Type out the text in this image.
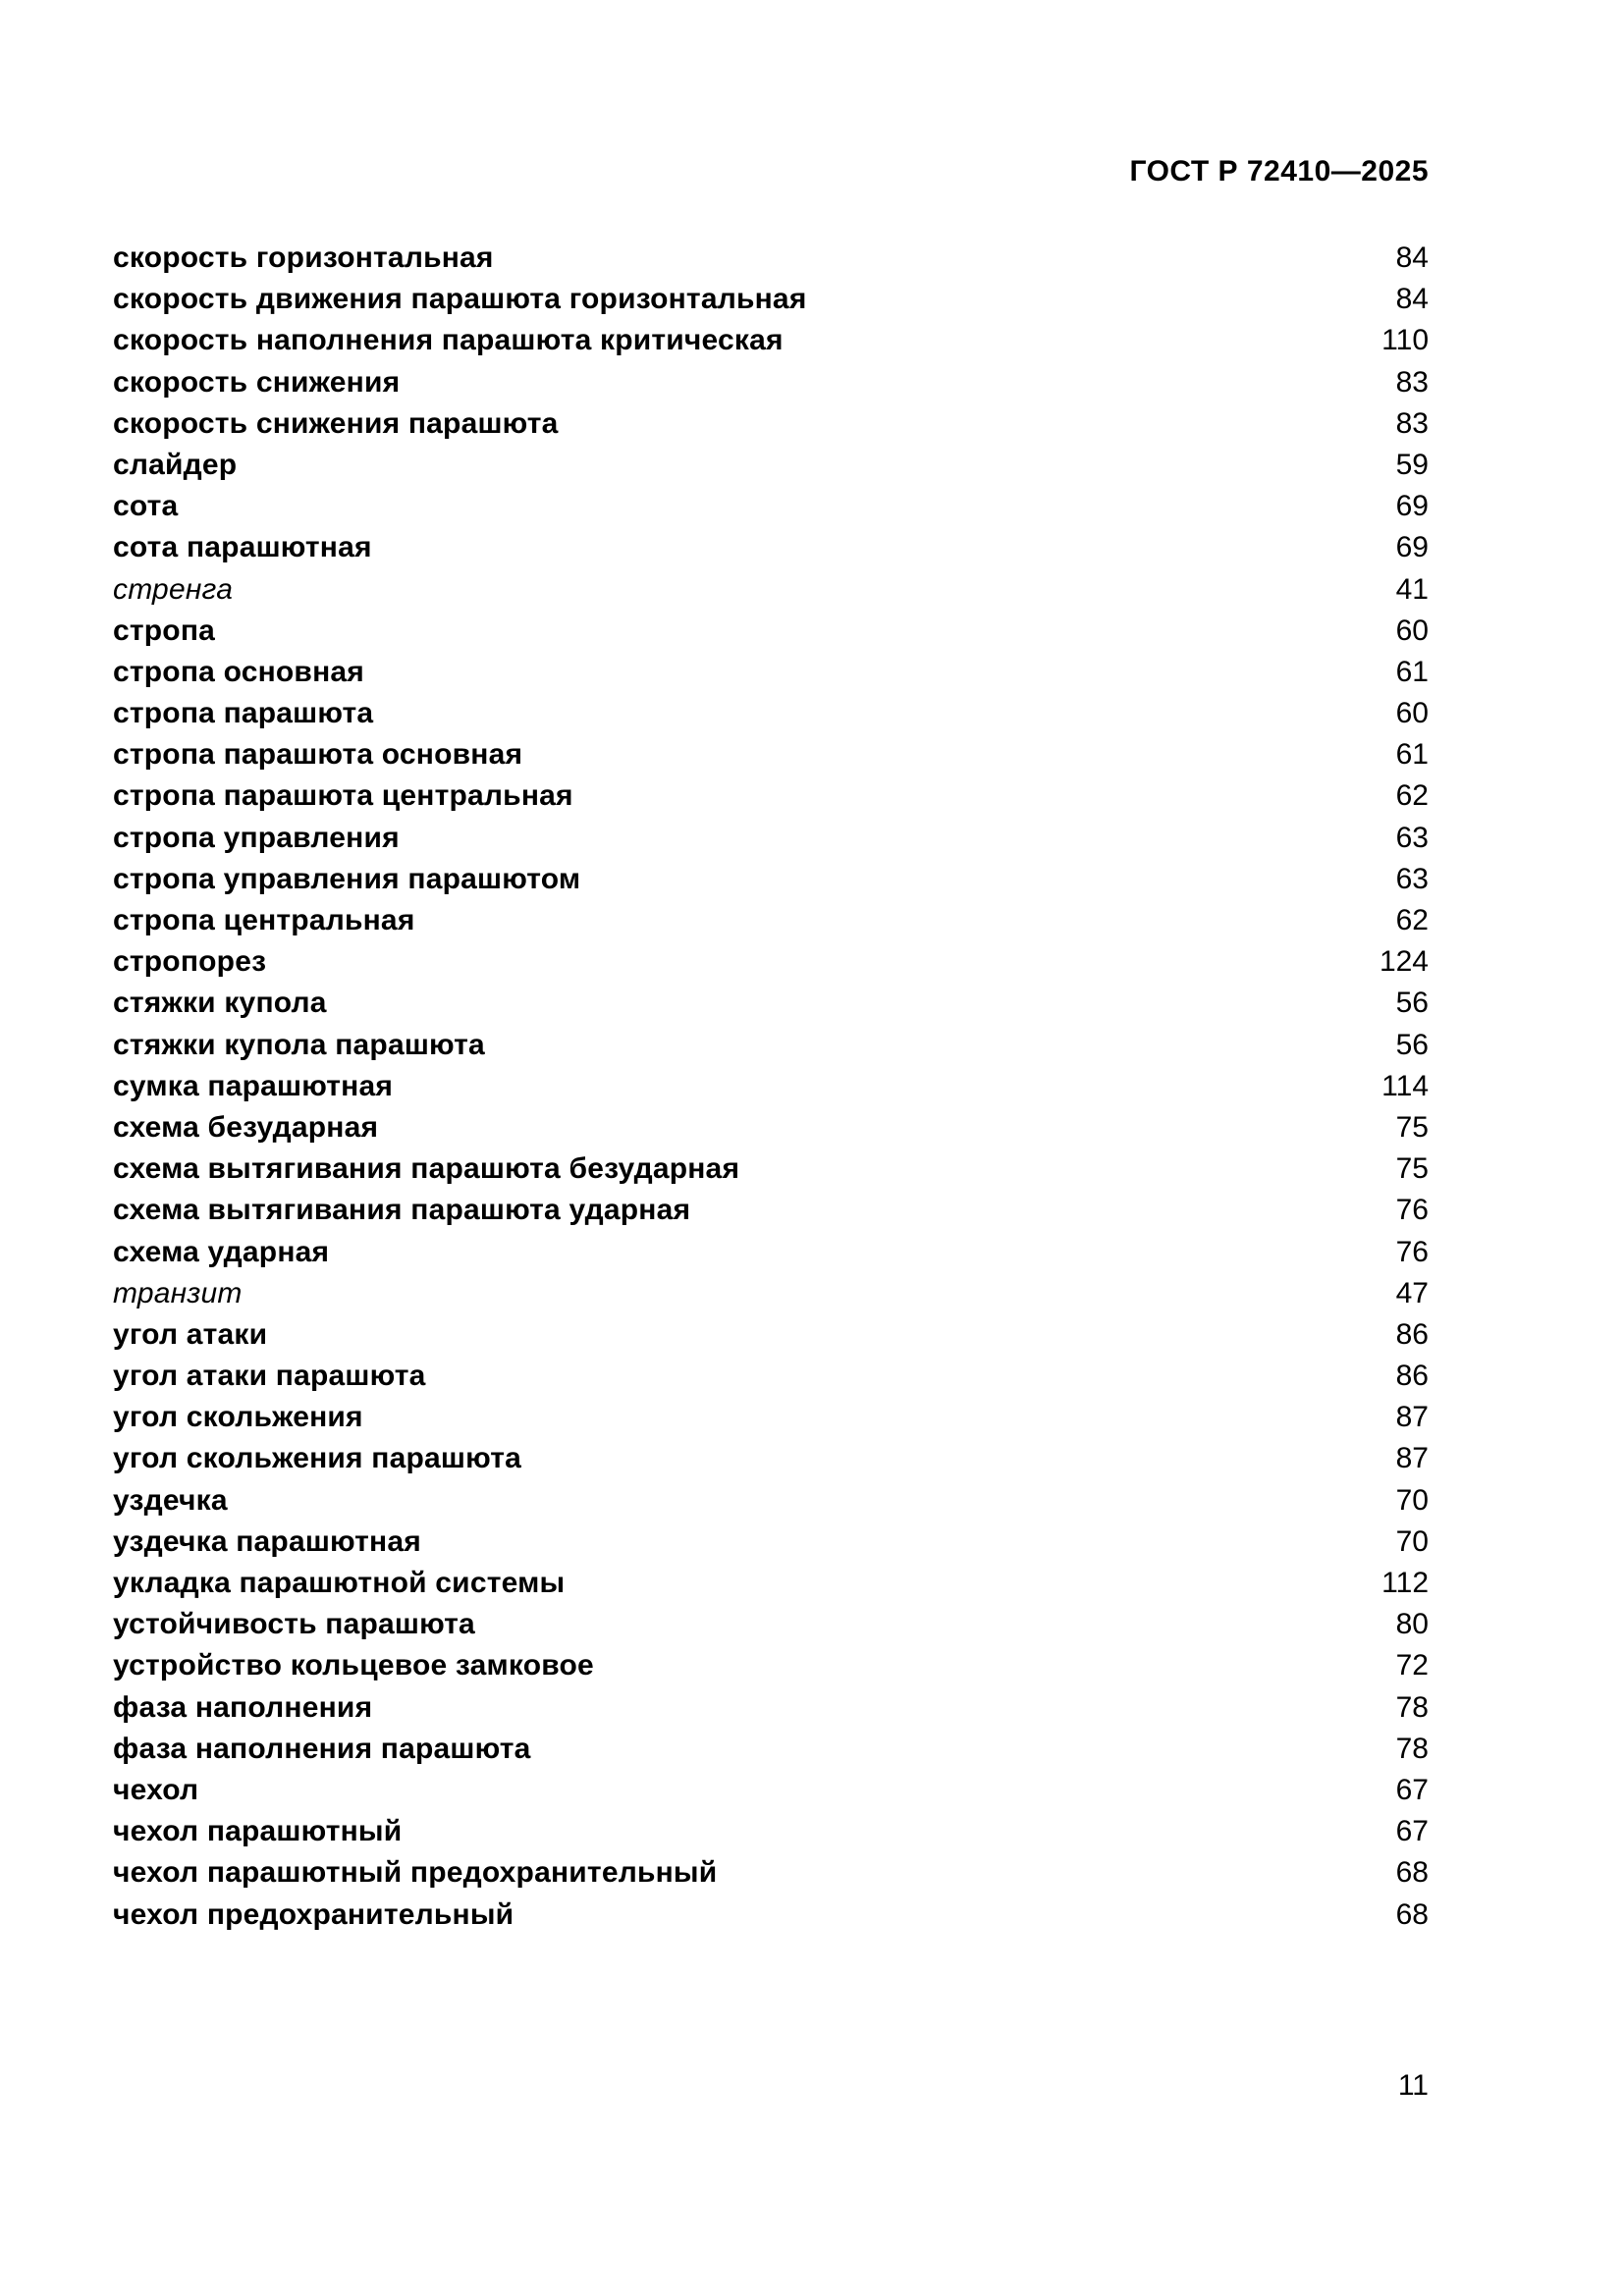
ГОСТ Р 72410—2025
скорость горизонтальная	84
скорость движения парашюта горизонтальная	84
скорость наполнения парашюта критическая	110
скорость снижения	83
скорость снижения парашюта	83
слайдер	59
сота	69
сота парашютная	69
стренга	41
стропа	60
стропа основная	61
стропа парашюта	60
стропа парашюта основная	61
стропа парашюта центральная	62
стропа управления	63
стропа управления парашютом	63
стропа центральная	62
стропорез	124
стяжки купола	56
стяжки купола парашюта	56
сумка парашютная	114
схема безударная	75
схема вытягивания парашюта безударная	75
схема вытягивания парашюта ударная	76
схема ударная	76
транзит	47
угол атаки	86
угол атаки парашюта	86
угол скольжения	87
угол скольжения парашюта	87
уздечка	70
уздечка парашютная	70
укладка парашютной системы	112
устойчивость парашюта	80
устройство кольцевое замковое	72
фаза наполнения	78
фаза наполнения парашюта	78
чехол	67
чехол парашютный	67
чехол парашютный предохранительный	68
чехол предохранительный	68
11
